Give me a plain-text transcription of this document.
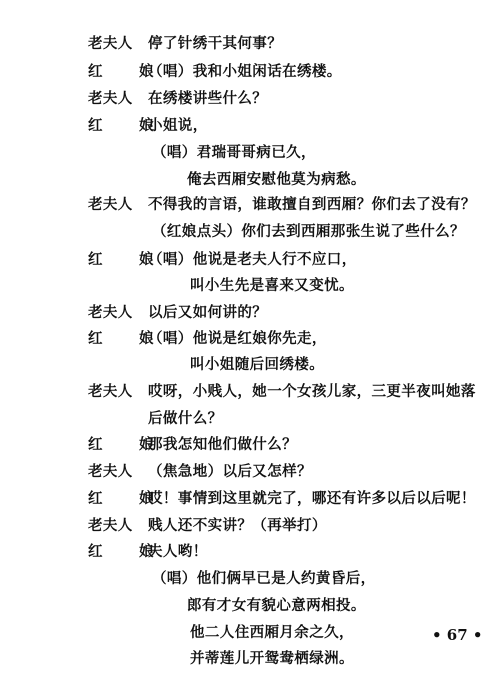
老夫人 停了针绣干其何事？
红　娘
（唱）我和小姐闲话在绣楼。
老夫人 在绣楼讲些什么？
红　娘
小姐说，
（唱）君瑞哥哥病已久，
俺去西厢安慰他莫为病愁。
老夫人 不得我的言语，谁敢擅自到西厢？你们去了没有？
（红娘点头）你们去到西厢那张生说了些什么？
红　娘
（唱）他说是老夫人行不应口，
叫小生先是喜来又变忧。
老夫人 以后又如何讲的？
红　娘
（唱）他说是红娘你先走，
叫小姐随后回绣楼。
老夫人 哎呀，小贱人，她一个女孩儿家，三更半夜叫她落
后做什么？
红　娘
那我怎知他们做什么？
老夫人 （焦急地）以后又怎样？
红　娘
哎！事情到这里就完了，哪还有许多以后以后呢！
老夫人 贱人还不实讲？（再举打）
红　娘
夫人哟！
（唱）他们俩早已是人约黄昏后，
郎有才女有貌心意两相投。
他二人住西厢月余之久，
并蒂莲儿开鸳鸯栖绿洲。
• 67 •
